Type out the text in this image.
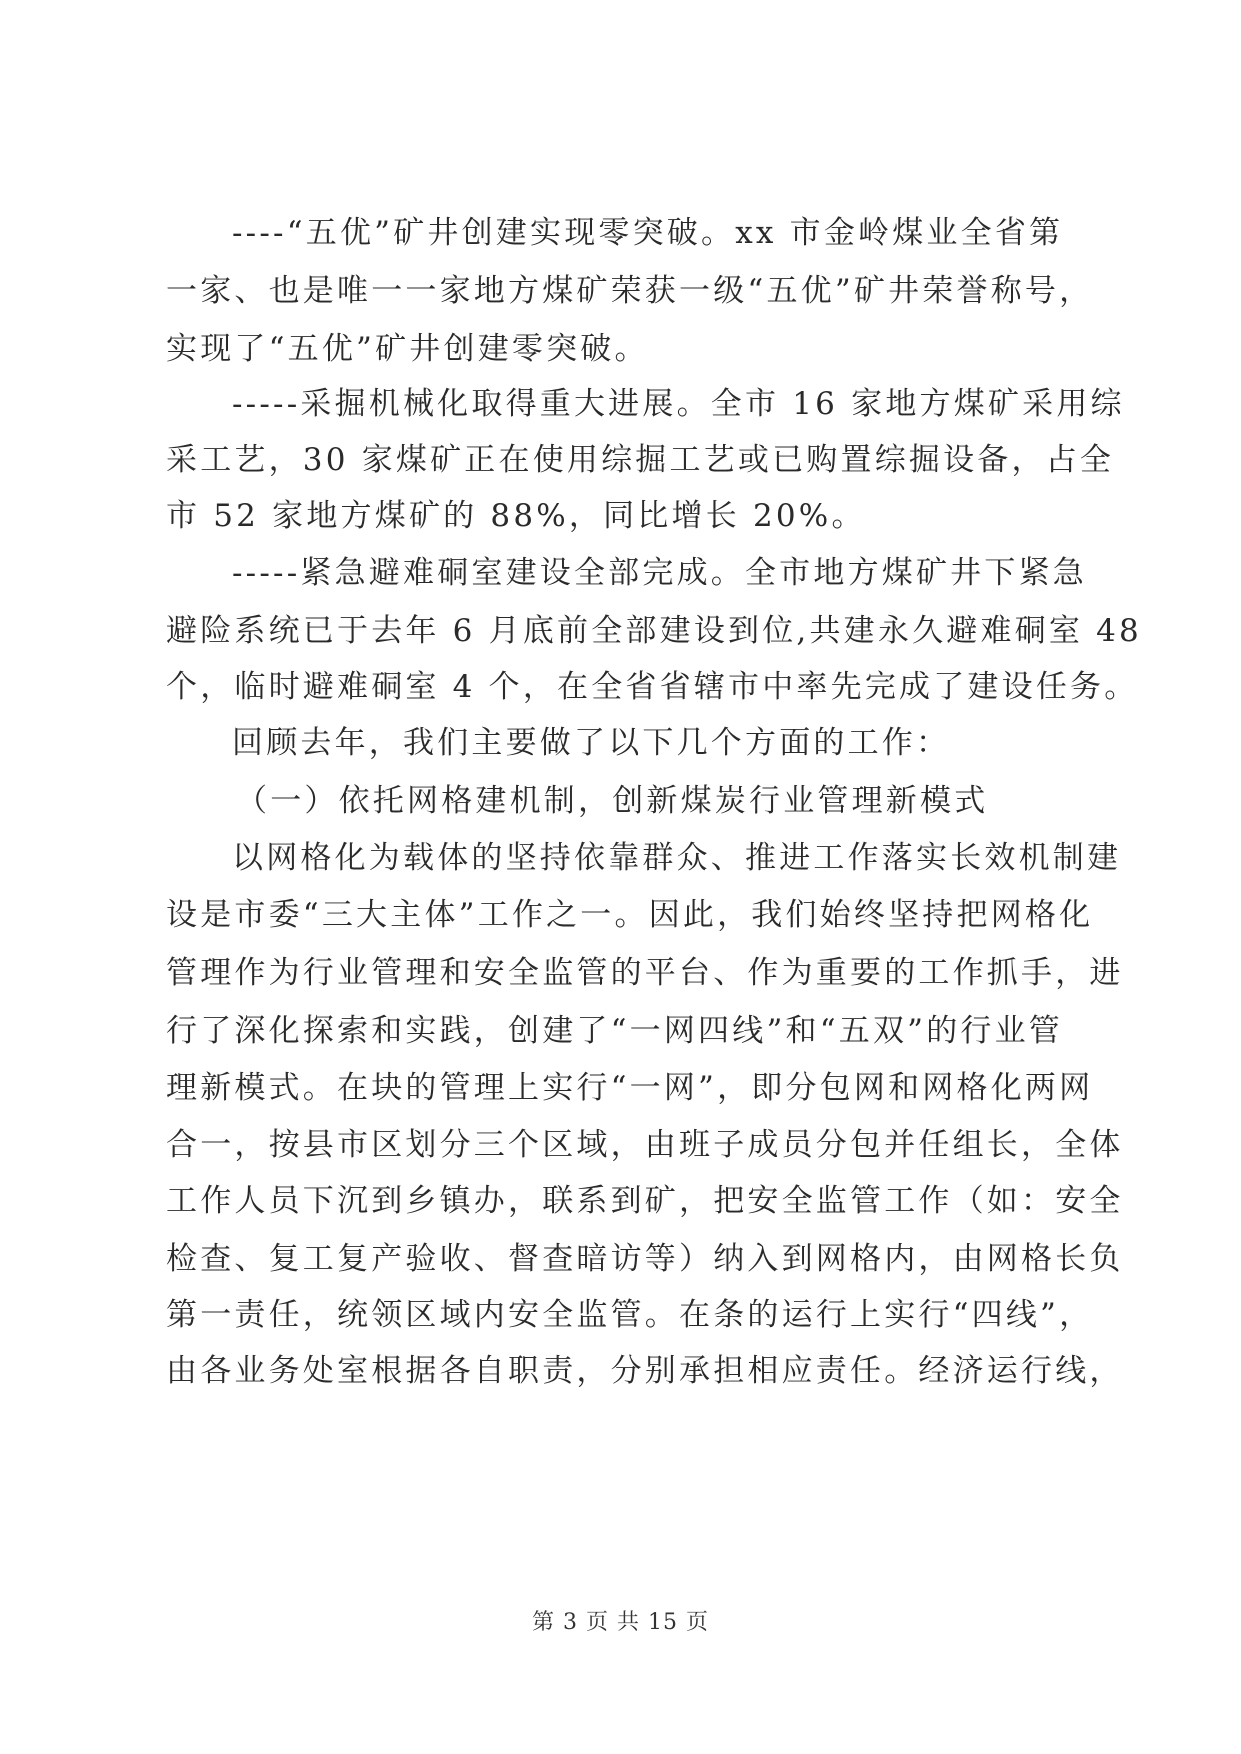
----“五优”矿井创建实现零突破。xx 市金岭煤业全省第
一家、也是唯一一家地方煤矿荣获一级“五优”矿井荣誉称号，
实现了“五优”矿井创建零突破。
-----采掘机械化取得重大进展。全市 16 家地方煤矿采用综
采工艺，30 家煤矿正在使用综掘工艺或已购置综掘设备，占全
市 52 家地方煤矿的 88%，同比增长 20%。
-----紧急避难硐室建设全部完成。全市地方煤矿井下紧急
避险系统已于去年 6 月底前全部建设到位,共建永久避难硐室 48
个，临时避难硐室 4 个，在全省省辖市中率先完成了建设任务。
回顾去年，我们主要做了以下几个方面的工作：
（一）依托网格建机制，创新煤炭行业管理新模式
以网格化为载体的坚持依靠群众、推进工作落实长效机制建
设是市委“三大主体”工作之一。因此，我们始终坚持把网格化
管理作为行业管理和安全监管的平台、作为重要的工作抓手，进
行了深化探索和实践，创建了“一网四线”和“五双”的行业管
理新模式。在块的管理上实行“一网”，即分包网和网格化两网
合一，按县市区划分三个区域，由班子成员分包并任组长，全体
工作人员下沉到乡镇办，联系到矿，把安全监管工作（如：安全
检查、复工复产验收、督查暗访等）纳入到网格内，由网格长负
第一责任，统领区域内安全监管。在条的运行上实行“四线”，
由各业务处室根据各自职责，分别承担相应责任。经济运行线，
第 3 页 共 15 页
